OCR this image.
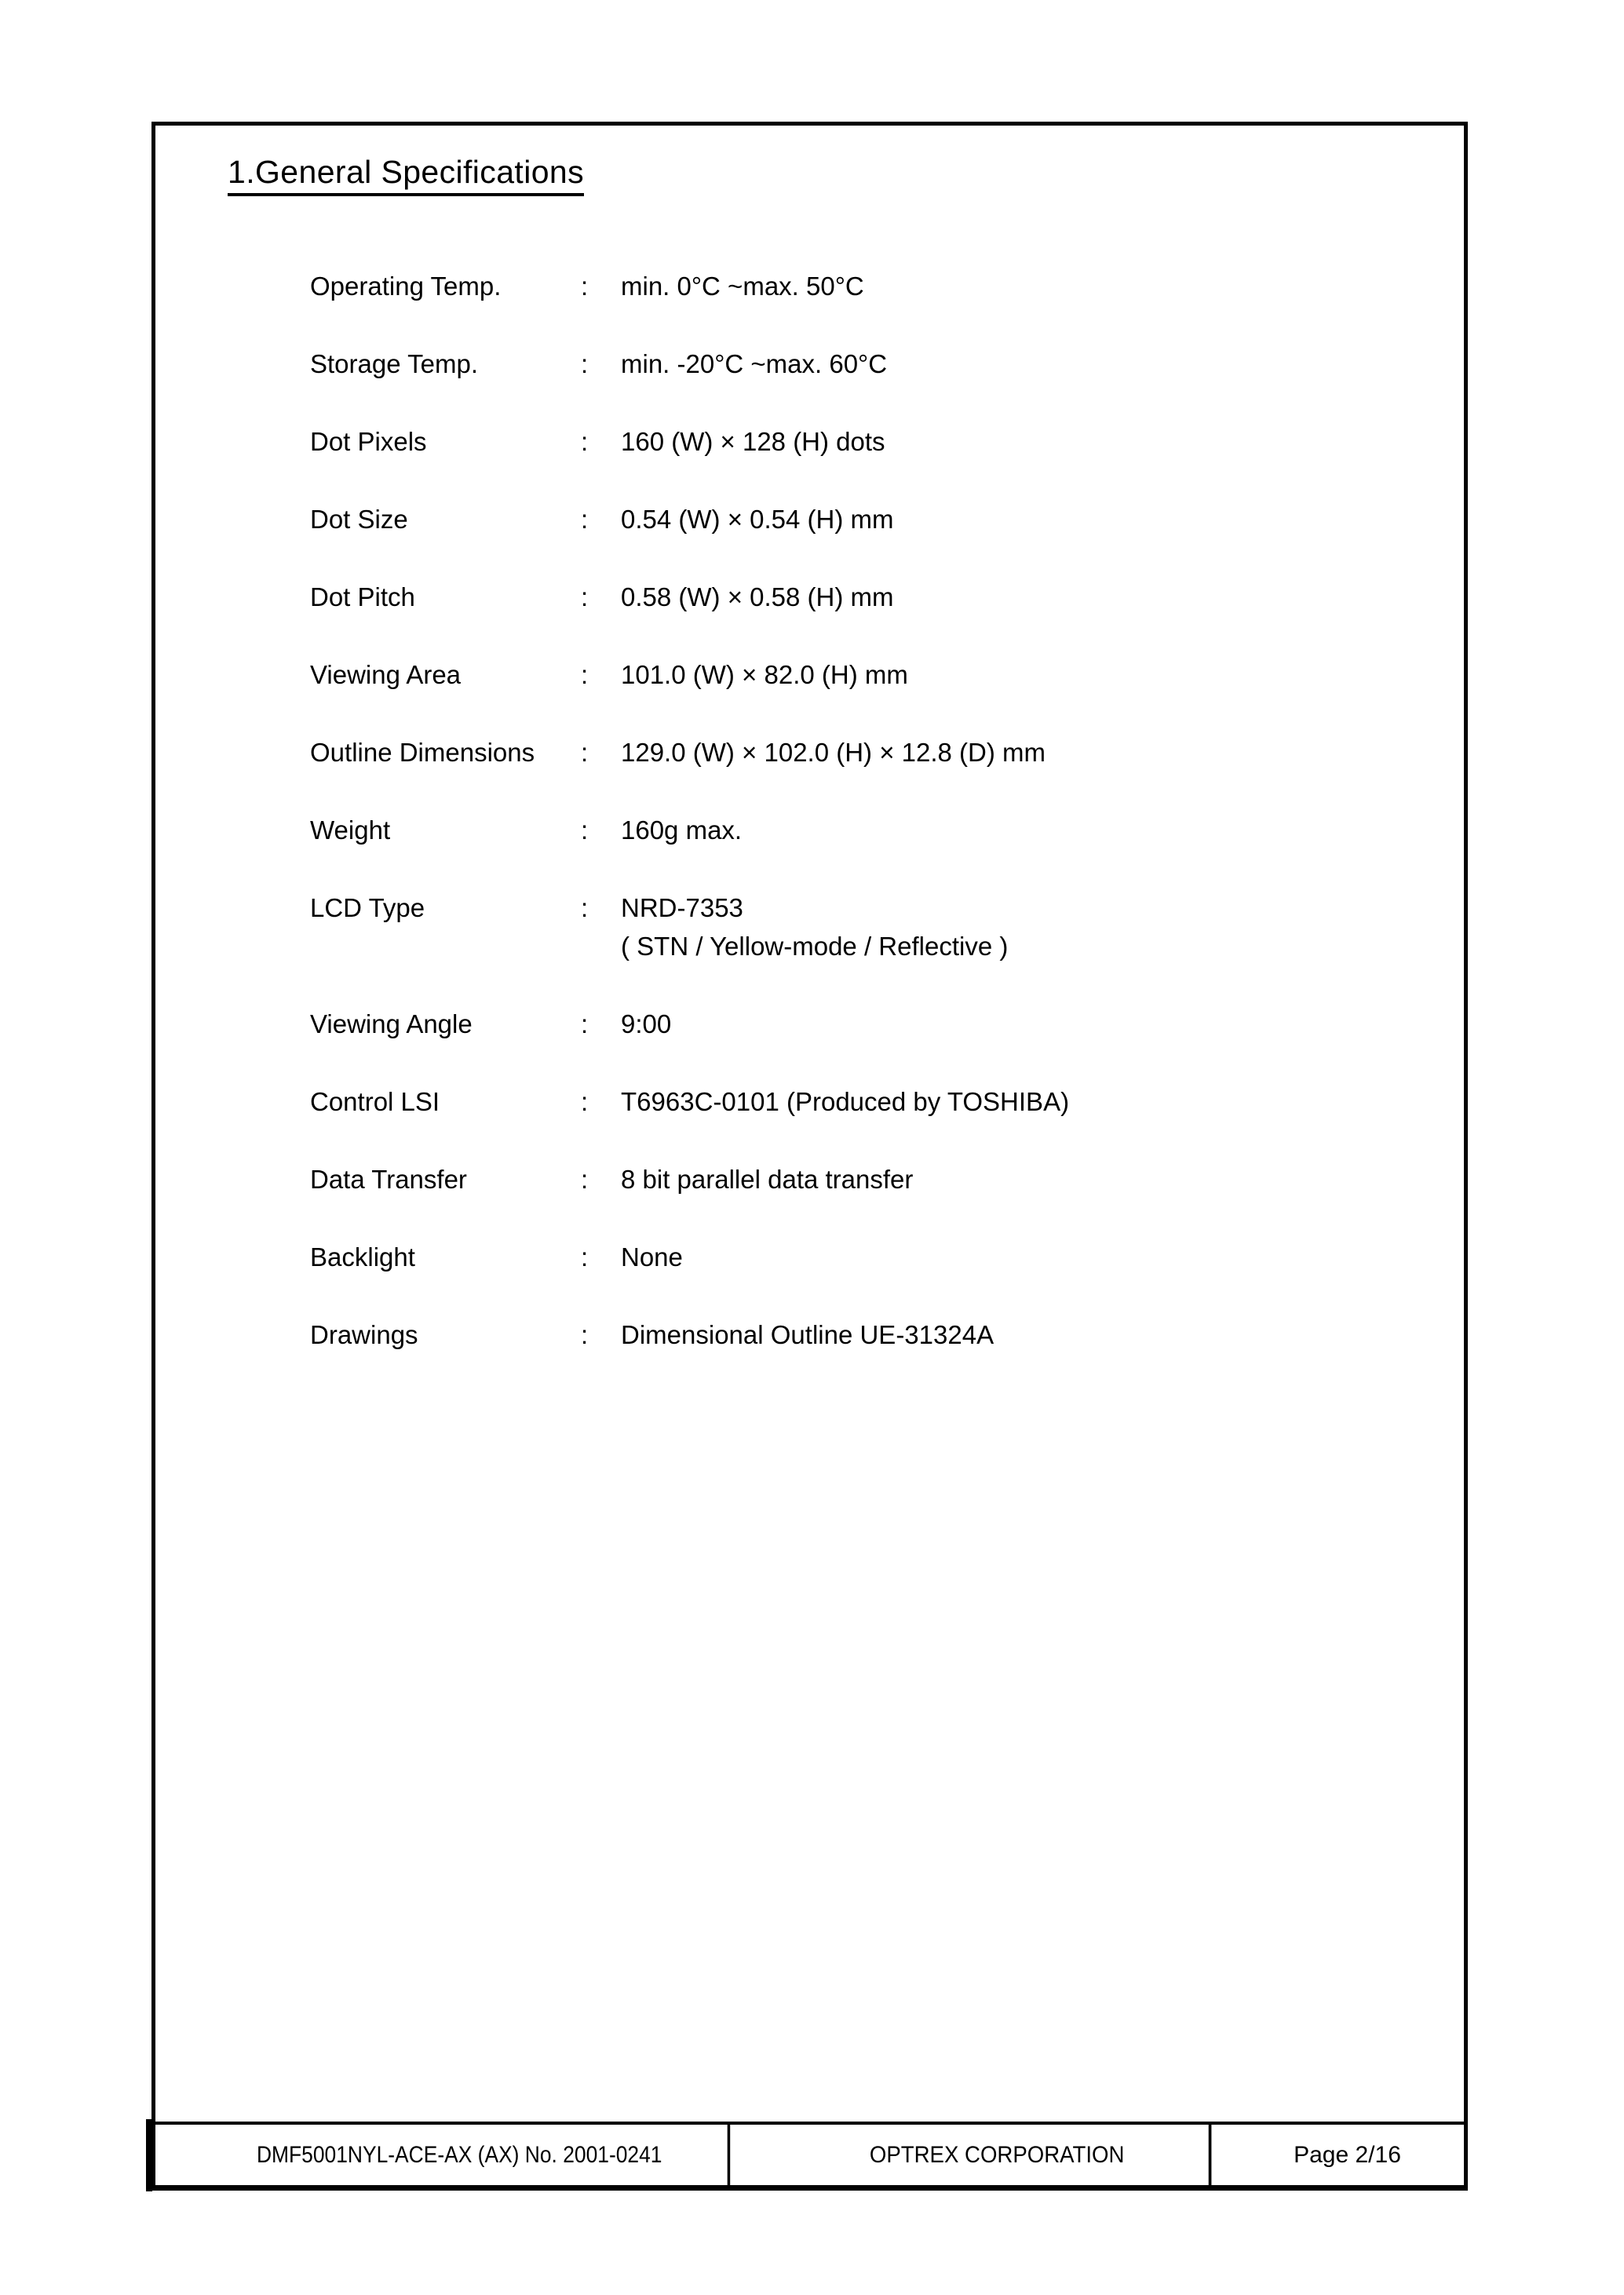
1.General Specifications
Operating Temp.	: min. 0°C ~max. 50°C
Storage Temp.	: min. -20°C ~max. 60°C
Dot Pixels	: 160 (W) × 128 (H) dots
Dot Size	: 0.54 (W) × 0.54 (H) mm
Dot Pitch	: 0.58 (W) × 0.58 (H) mm
Viewing Area	: 101.0 (W) × 82.0 (H) mm
Outline Dimensions : 129.0 (W) × 102.0 (H) × 12.8 (D) mm
Weight	: 160g max.
LCD Type	: NRD-7353
( STN / Yellow-mode / Reflective )
Viewing Angle	: 9:00
Control LSI	: T6963C-0101 (Produced by TOSHIBA)
Data Transfer	: 8 bit parallel data transfer
Backlight	: None
Drawings	: Dimensional Outline UE-31324A
DMF5001NYL-ACE-AX (AX) No. 2001-0241	OPTREX CORPORATION	Page 2/16
